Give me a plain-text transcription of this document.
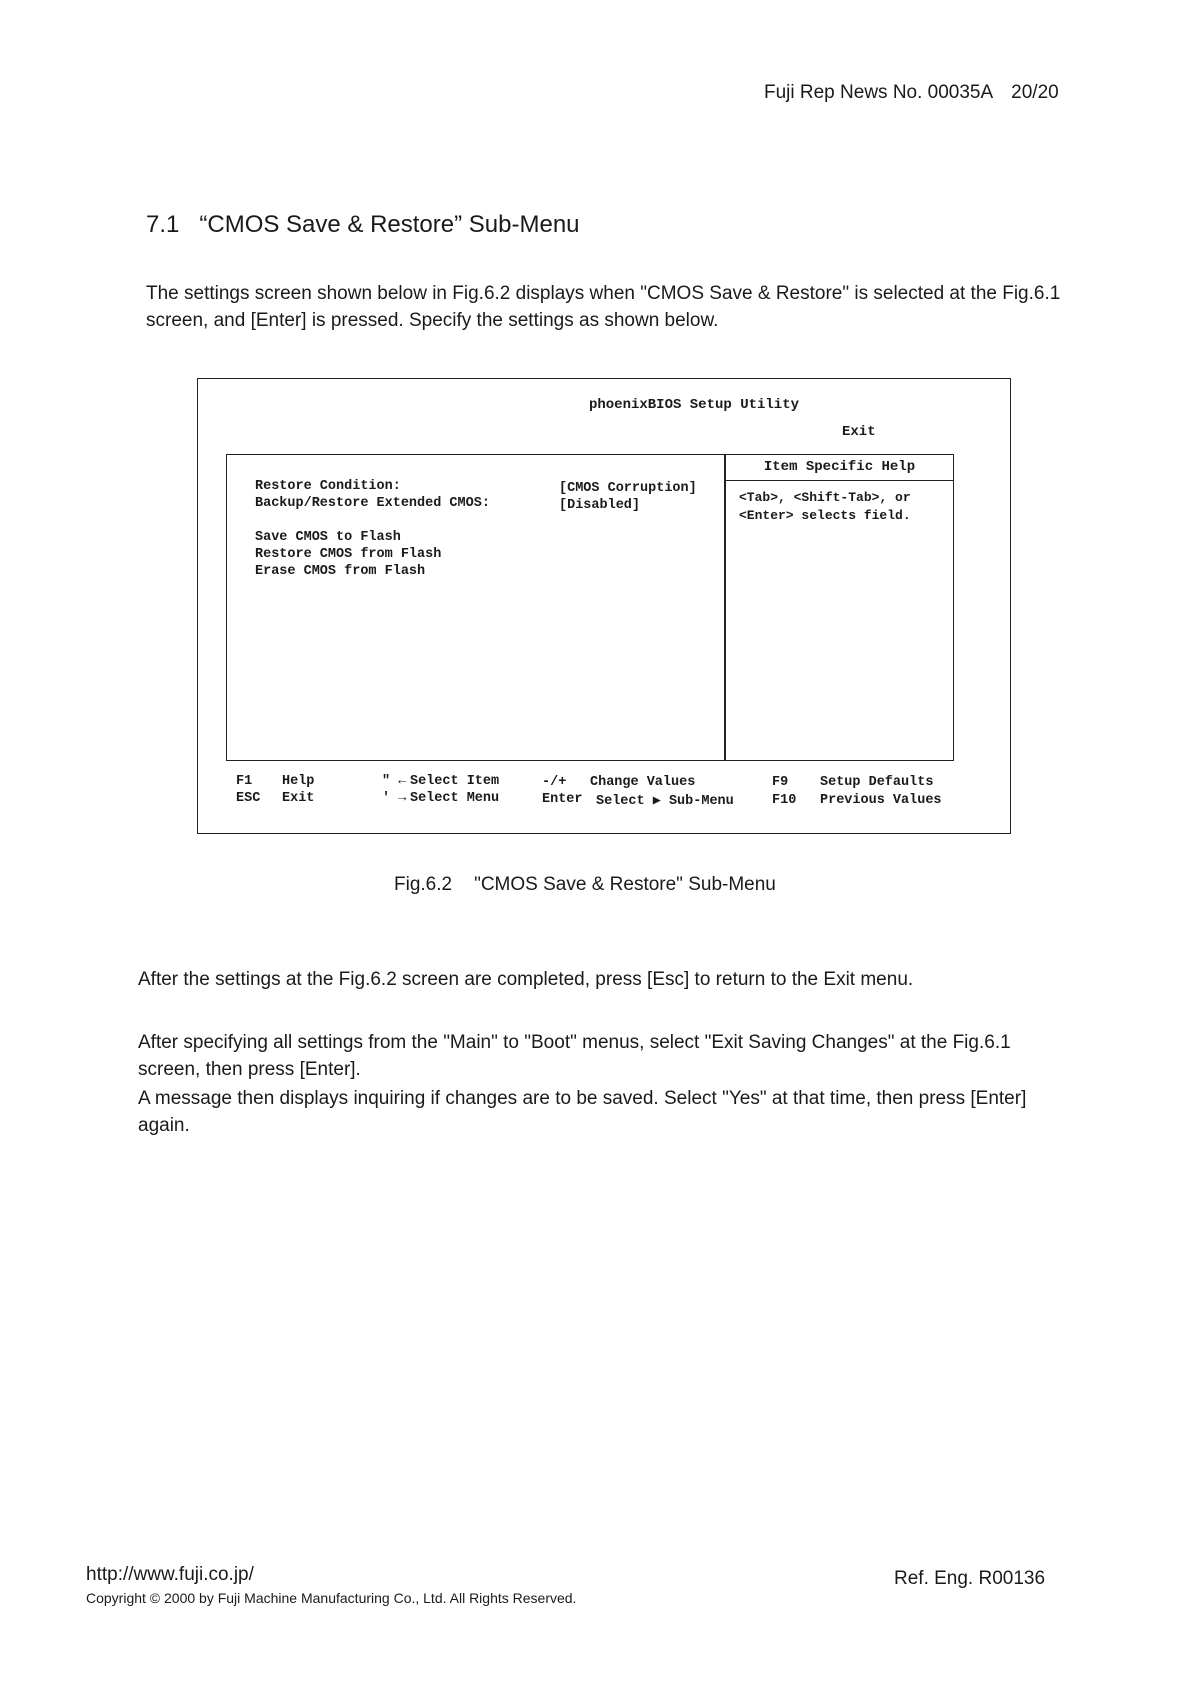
Fuji Rep News No. 00035A 20/20
7.1 “CMOS Save & Restore” Sub-Menu
The settings screen shown below in Fig.6.2 displays when "CMOS Save & Restore" is selected at the Fig.6.1 screen, and [Enter] is pressed. Specify the settings as shown below.
phoenixBIOS Setup Utility
Exit
Restore Condition:	[CMOS Corruption]
Backup/Restore Extended CMOS:	[Disabled]
Save CMOS to Flash
Restore CMOS from Flash
Erase CMOS from Flash
Item Specific Help
<Tab>, <Shift-Tab>, or
<Enter> selects field.
F1 Help
ESC Exit
" ← Select Item
' → Select Menu
-/+ Change Values
Enter Select ▶ Sub-Menu
F9 Setup Defaults
F10 Previous Values
Fig.6.2 "CMOS Save & Restore" Sub-Menu
After the settings at the Fig.6.2 screen are completed, press [Esc] to return to the Exit menu.
After specifying all settings from the "Main" to "Boot" menus, select "Exit Saving Changes" at the Fig.6.1 screen, then press [Enter].
A message then displays inquiring if changes are to be saved. Select "Yes" at that time, then press [Enter] again.
http://www.fuji.co.jp/
Copyright © 2000 by Fuji Machine Manufacturing Co., Ltd. All Rights Reserved.
Ref. Eng. R00136
